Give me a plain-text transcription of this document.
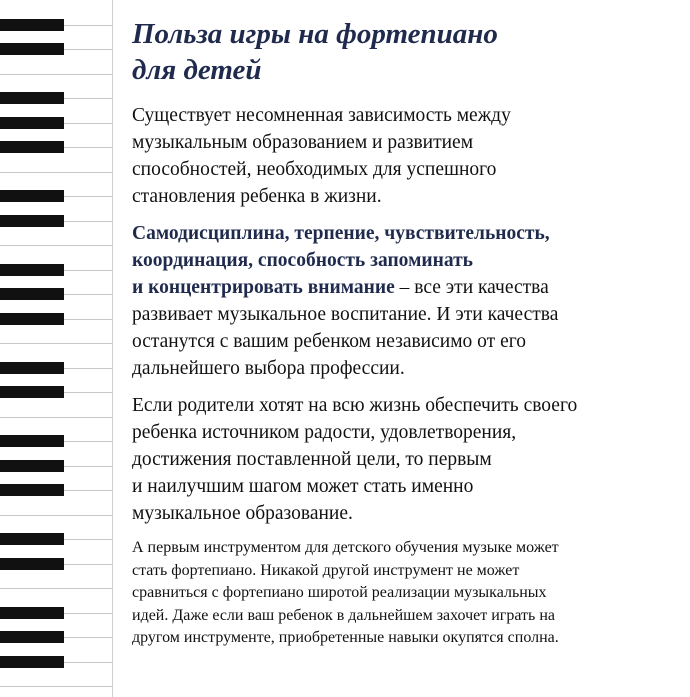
Польза игры на фортепиано
для детей

Существует несомненная зависимость между
музыкальным образованием и развитием
способностей, необходимых для успешного
становления ребенка в жизни.

Самодисциплина, терпение, чувствительность,
координация, способность запоминать
и концентрировать внимание – все эти качества
развивает музыкальное воспитание. И эти качества
останутся с вашим ребенком независимо от его
дальнейшего выбора профессии.

Если родители хотят на всю жизнь обеспечить своего
ребенка источником радости, удовлетворения,
достижения поставленной цели, то первым
и наилучшим шагом может стать именно
музыкальное образование.

А первым инструментом для детского обучения музыке может
стать фортепиано. Никакой другой инструмент не может
сравниться с фортепиано широтой реализации музыкальных
идей. Даже если ваш ребенок в дальнейшем захочет играть на
другом инструменте, приобретенные навыки окупятся сполна.
